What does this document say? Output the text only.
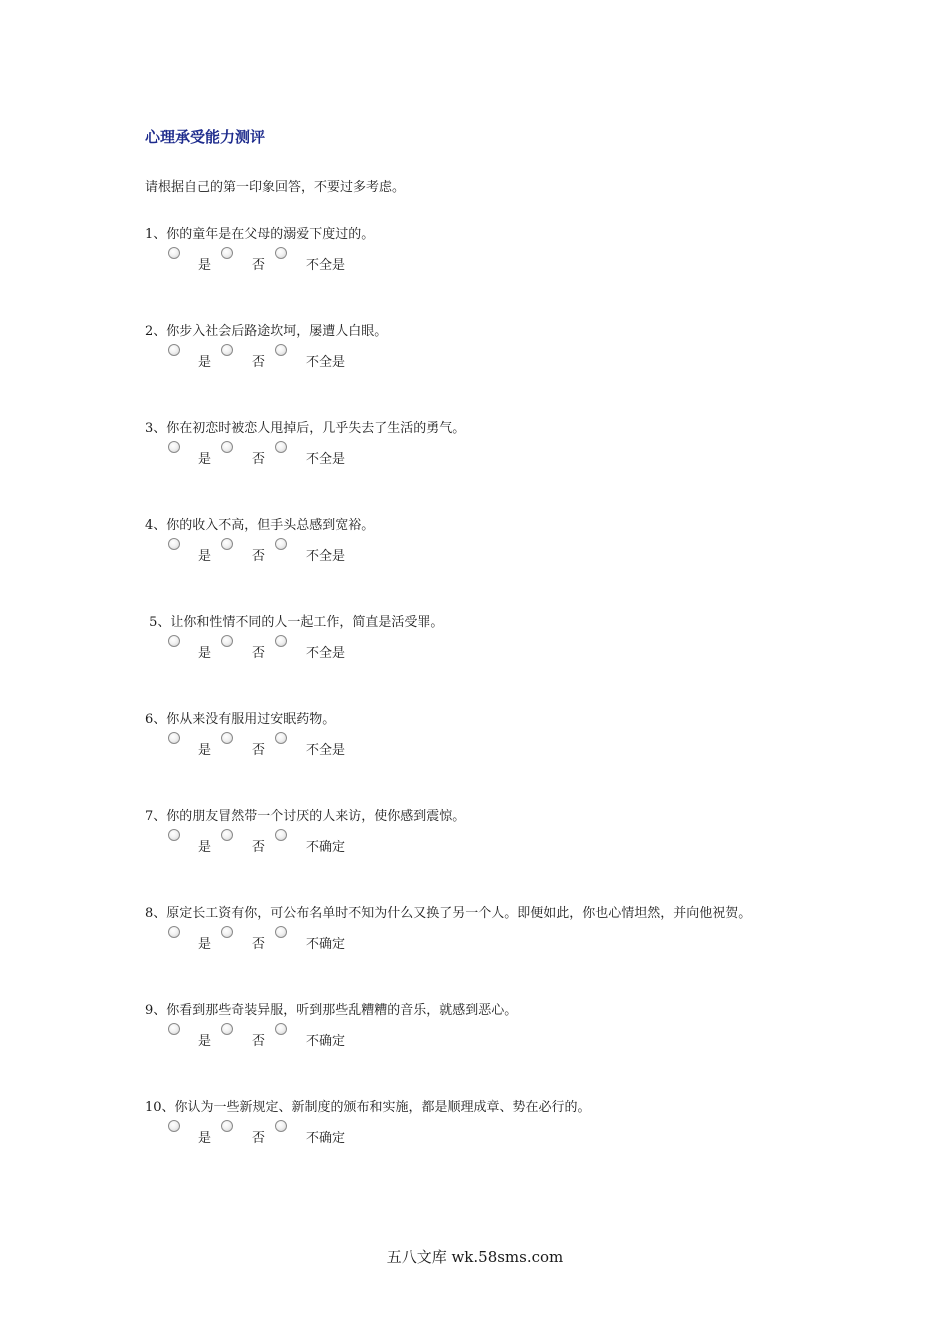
心理承受能力测评
请根据自己的第一印象回答，不要过多考虑。
1、你的童年是在父母的溺爱下度过的。
是	否	不全是
2、你步入社会后路途坎坷，屡遭人白眼。
是	否	不全是
3、你在初恋时被恋人甩掉后，几乎失去了生活的勇气。
是	否	不全是
4、你的收入不高，但手头总感到宽裕。
是	否	不全是
5、让你和性情不同的人一起工作，简直是活受罪。
是	否	不全是
6、你从来没有服用过安眠药物。
是	否	不全是
7、你的朋友冒然带一个讨厌的人来访，使你感到震惊。
是	否	不确定
8、原定长工资有你，可公布名单时不知为什么又换了另一个人。即便如此，你也心情坦然，并向他祝贺。
是	否	不确定
9、你看到那些奇装异服，听到那些乱糟糟的音乐，就感到恶心。
是	否	不确定
10、你认为一些新规定、新制度的颁布和实施，都是顺理成章、势在必行的。
是	否	不确定
五八文库 wk.58sms.com
